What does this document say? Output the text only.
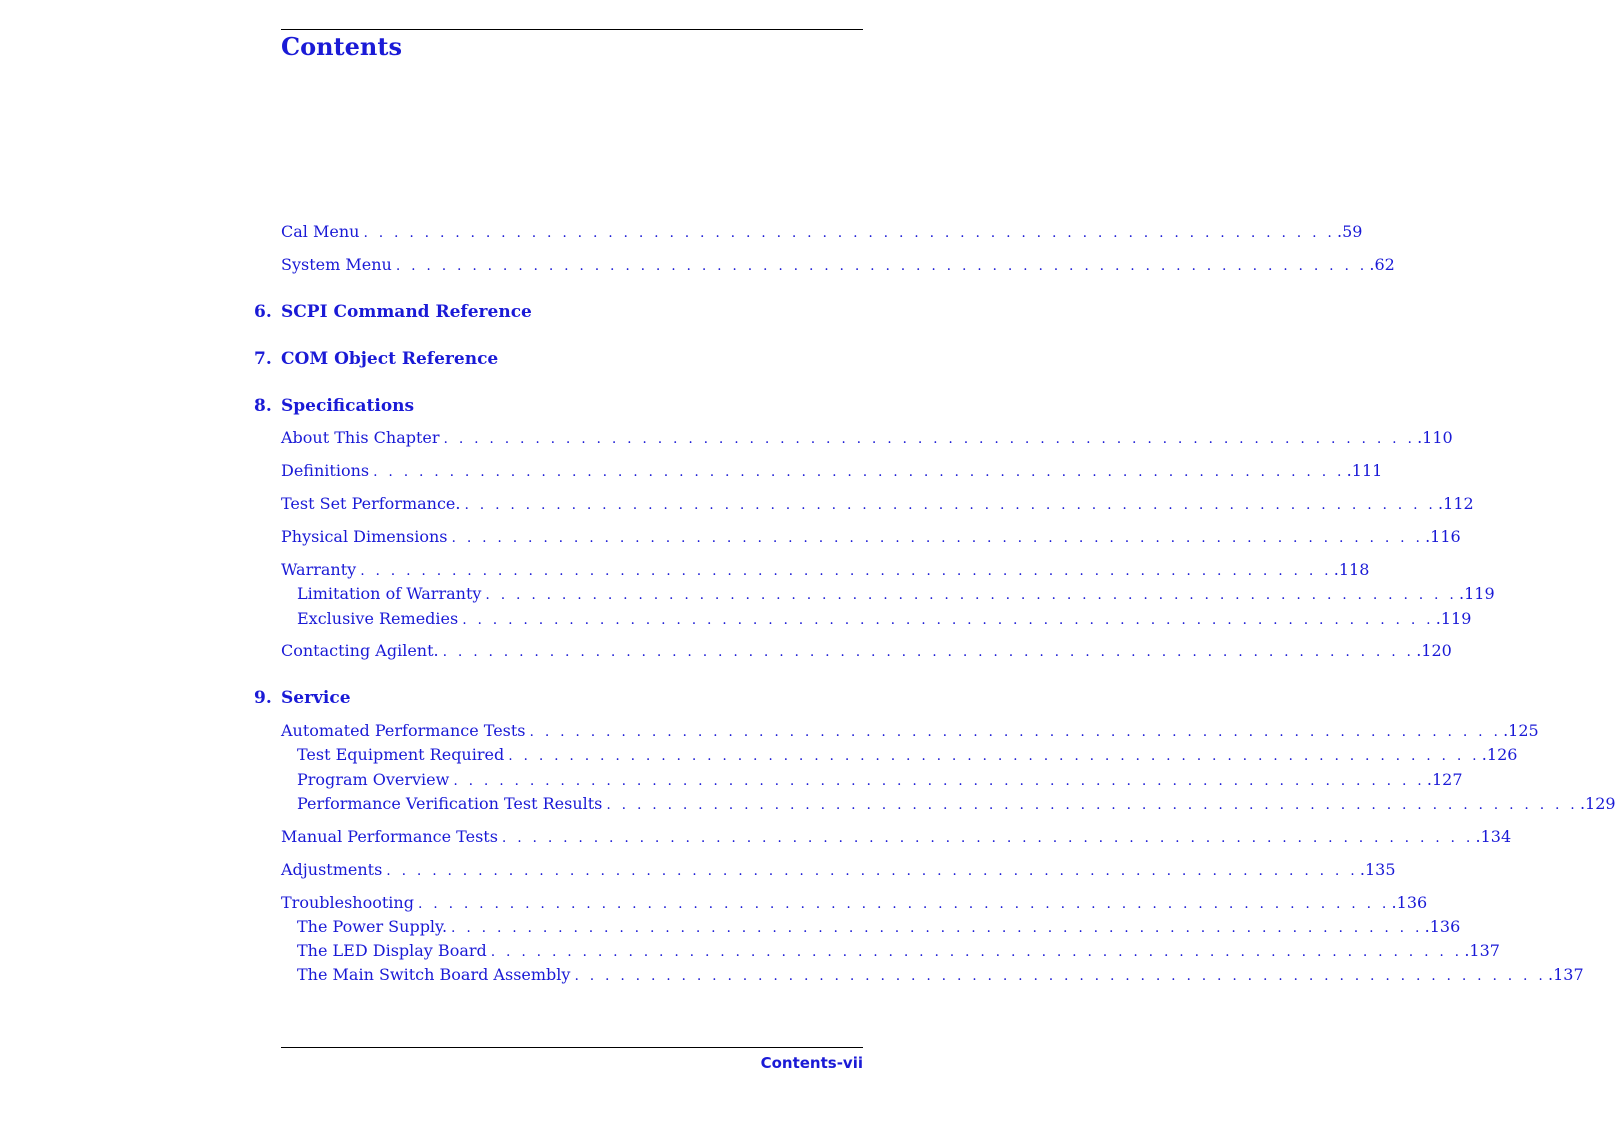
Contents
Cal Menu . . . . . . . . . . . . . . . . . . . . . . . . . . . . . . . . . . . . . . . . . . . . . . . . . . . . . . . . . . . . . . . . .59
System Menu . . . . . . . . . . . . . . . . . . . . . . . . . . . . . . . . . . . . . . . . . . . . . . . . . . . . . . . . . . . . . . . . .62
6. SCPI Command Reference
7. COM Object Reference
8. Specifications
About This Chapter . . . . . . . . . . . . . . . . . . . . . . . . . . . . . . . . . . . . . . . . . . . . . . . . . . . . . . . . . . . . . . . . .110
Definitions . . . . . . . . . . . . . . . . . . . . . . . . . . . . . . . . . . . . . . . . . . . . . . . . . . . . . . . . . . . . . . . . .111
Test Set Performance. . . . . . . . . . . . . . . . . . . . . . . . . . . . . . . . . . . . . . . . . . . . . . . . . . . . . . . . . . . . . . . . . .112
Physical Dimensions . . . . . . . . . . . . . . . . . . . . . . . . . . . . . . . . . . . . . . . . . . . . . . . . . . . . . . . . . . . . . . . . .116
Warranty . . . . . . . . . . . . . . . . . . . . . . . . . . . . . . . . . . . . . . . . . . . . . . . . . . . . . . . . . . . . . . . . .118
Limitation of Warranty . . . . . . . . . . . . . . . . . . . . . . . . . . . . . . . . . . . . . . . . . . . . . . . . . . . . . . . . . . . . . . . . .119
Exclusive Remedies . . . . . . . . . . . . . . . . . . . . . . . . . . . . . . . . . . . . . . . . . . . . . . . . . . . . . . . . . . . . . . . . .119
Contacting Agilent. . . . . . . . . . . . . . . . . . . . . . . . . . . . . . . . . . . . . . . . . . . . . . . . . . . . . . . . . . . . . . . . . .120
9. Service
Automated Performance Tests . . . . . . . . . . . . . . . . . . . . . . . . . . . . . . . . . . . . . . . . . . . . . . . . . . . . . . . . . . . . . . . . .125
Test Equipment Required . . . . . . . . . . . . . . . . . . . . . . . . . . . . . . . . . . . . . . . . . . . . . . . . . . . . . . . . . . . . . . . . .126
Program Overview . . . . . . . . . . . . . . . . . . . . . . . . . . . . . . . . . . . . . . . . . . . . . . . . . . . . . . . . . . . . . . . . .127
Performance Verification Test Results . . . . . . . . . . . . . . . . . . . . . . . . . . . . . . . . . . . . . . . . . . . . . . . . . . . . . . . . . . . . . . . . .129
Manual Performance Tests . . . . . . . . . . . . . . . . . . . . . . . . . . . . . . . . . . . . . . . . . . . . . . . . . . . . . . . . . . . . . . . . .134
Adjustments . . . . . . . . . . . . . . . . . . . . . . . . . . . . . . . . . . . . . . . . . . . . . . . . . . . . . . . . . . . . . . . . .135
Troubleshooting . . . . . . . . . . . . . . . . . . . . . . . . . . . . . . . . . . . . . . . . . . . . . . . . . . . . . . . . . . . . . . . . .136
The Power Supply. . . . . . . . . . . . . . . . . . . . . . . . . . . . . . . . . . . . . . . . . . . . . . . . . . . . . . . . . . . . . . . . . .136
The LED Display Board . . . . . . . . . . . . . . . . . . . . . . . . . . . . . . . . . . . . . . . . . . . . . . . . . . . . . . . . . . . . . . . . .137
The Main Switch Board Assembly . . . . . . . . . . . . . . . . . . . . . . . . . . . . . . . . . . . . . . . . . . . . . . . . . . . . . . . . . . . . . . . . .137
Contents-vii
